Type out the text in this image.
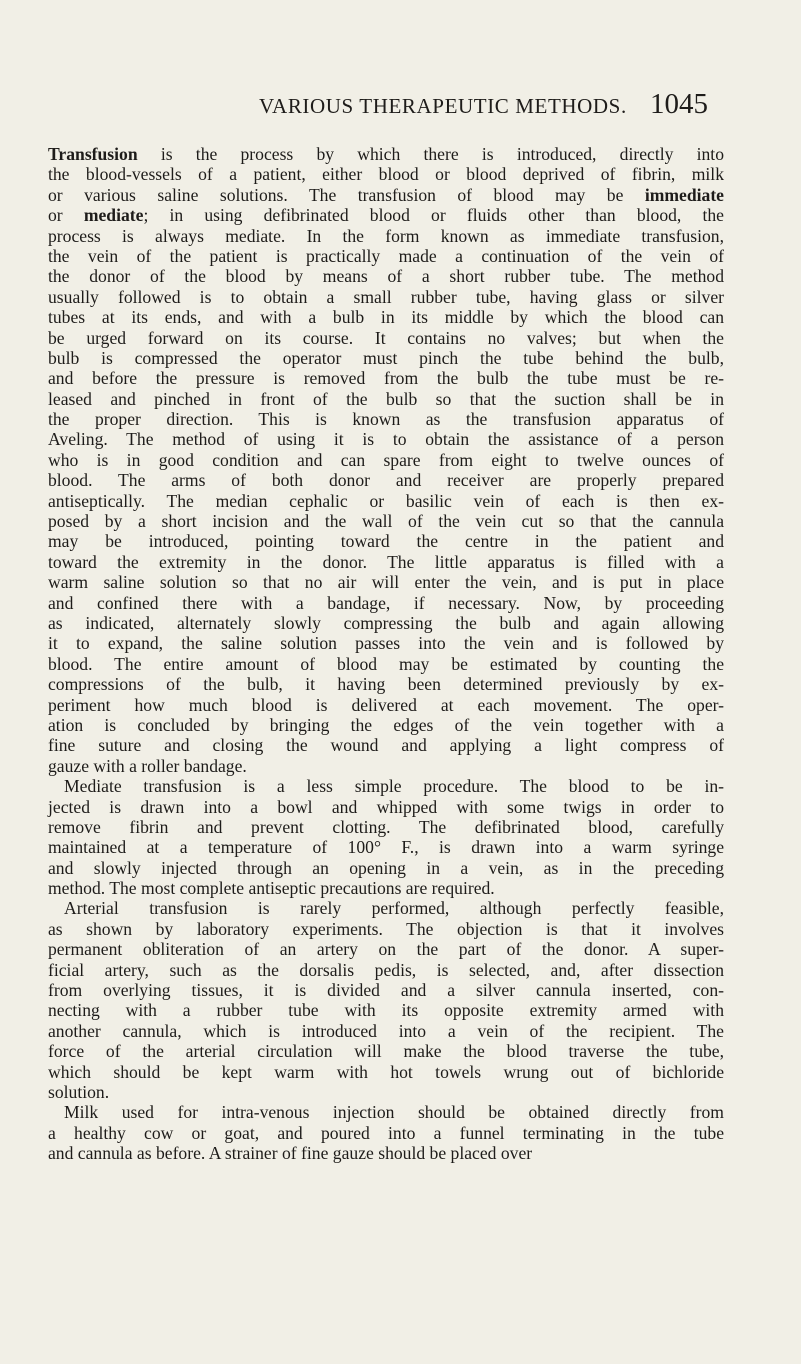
VARIOUS THERAPEUTIC METHODS. 1045
Transfusion is the process by which there is introduced, directly into
the blood-vessels of a patient, either blood or blood deprived of fibrin, milk
or various saline solutions. The transfusion of blood may be immediate
or mediate; in using defibrinated blood or fluids other than blood, the
process is always mediate. In the form known as immediate transfusion,
the vein of the patient is practically made a continuation of the vein of
the donor of the blood by means of a short rubber tube. The method
usually followed is to obtain a small rubber tube, having glass or silver
tubes at its ends, and with a bulb in its middle by which the blood can
be urged forward on its course. It contains no valves; but when the
bulb is compressed the operator must pinch the tube behind the bulb,
and before the pressure is removed from the bulb the tube must be re-
leased and pinched in front of the bulb so that the suction shall be in
the proper direction. This is known as the transfusion apparatus of
Aveling. The method of using it is to obtain the assistance of a person
who is in good condition and can spare from eight to twelve ounces of
blood. The arms of both donor and receiver are properly prepared
antiseptically. The median cephalic or basilic vein of each is then ex-
posed by a short incision and the wall of the vein cut so that the cannula
may be introduced, pointing toward the centre in the patient and
toward the extremity in the donor. The little apparatus is filled with a
warm saline solution so that no air will enter the vein, and is put in place
and confined there with a bandage, if necessary. Now, by proceeding
as indicated, alternately slowly compressing the bulb and again allowing
it to expand, the saline solution passes into the vein and is followed by
blood. The entire amount of blood may be estimated by counting the
compressions of the bulb, it having been determined previously by ex-
periment how much blood is delivered at each movement. The oper-
ation is concluded by bringing the edges of the vein together with a
fine suture and closing the wound and applying a light compress of
gauze with a roller bandage.
Mediate transfusion is a less simple procedure. The blood to be in-
jected is drawn into a bowl and whipped with some twigs in order to
remove fibrin and prevent clotting. The defibrinated blood, carefully
maintained at a temperature of 100° F., is drawn into a warm syringe
and slowly injected through an opening in a vein, as in the preceding
method. The most complete antiseptic precautions are required.
Arterial transfusion is rarely performed, although perfectly feasible,
as shown by laboratory experiments. The objection is that it involves
permanent obliteration of an artery on the part of the donor. A super-
ficial artery, such as the dorsalis pedis, is selected, and, after dissection
from overlying tissues, it is divided and a silver cannula inserted, con-
necting with a rubber tube with its opposite extremity armed with
another cannula, which is introduced into a vein of the recipient. The
force of the arterial circulation will make the blood traverse the tube,
which should be kept warm with hot towels wrung out of bichloride
solution.
Milk used for intra-venous injection should be obtained directly from
a healthy cow or goat, and poured into a funnel terminating in the tube
and cannula as before. A strainer of fine gauze should be placed over
